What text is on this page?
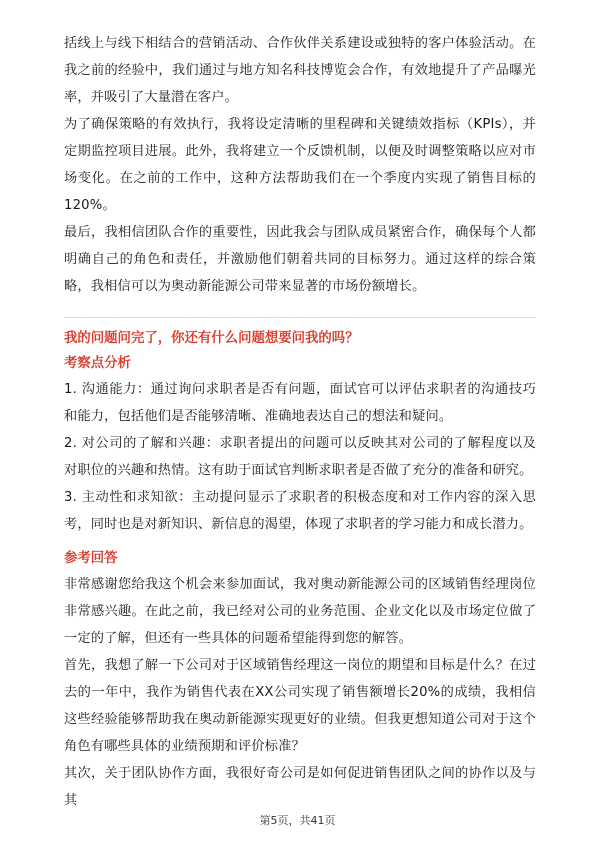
括线上与线下相结合的营销活动、合作伙伴关系建设或独特的客户体验活动。在我之前的经验中，我们通过与地方知名科技博览会合作，有效地提升了产品曝光率，并吸引了大量潜在客户。

为了确保策略的有效执行，我将设定清晰的里程碑和关键绩效指标（KPIs），并定期监控项目进展。此外，我将建立一个反馈机制，以便及时调整策略以应对市场变化。在之前的工作中，这种方法帮助我们在一个季度内实现了销售目标的120%。

最后，我相信团队合作的重要性，因此我会与团队成员紧密合作，确保每个人都明确自己的角色和责任，并激励他们朝着共同的目标努力。通过这样的综合策略，我相信可以为奥动新能源公司带来显著的市场份额增长。

我的问题问完了，你还有什么问题想要问我的吗？

考察点分析

1. 沟通能力：通过询问求职者是否有问题，面试官可以评估求职者的沟通技巧和能力，包括他们是否能够清晰、准确地表达自己的想法和疑问。

2. 对公司的了解和兴趣：求职者提出的问题可以反映其对公司的了解程度以及对职位的兴趣和热情。这有助于面试官判断求职者是否做了充分的准备和研究。

3. 主动性和求知欲：主动提问显示了求职者的积极态度和对工作内容的深入思考，同时也是对新知识、新信息的渴望，体现了求职者的学习能力和成长潜力。

参考回答

非常感谢您给我这个机会来参加面试，我对奥动新能源公司的区域销售经理岗位非常感兴趣。在此之前，我已经对公司的业务范围、企业文化以及市场定位做了一定的了解，但还有一些具体的问题希望能得到您的解答。

首先，我想了解一下公司对于区域销售经理这一岗位的期望和目标是什么？在过去的一年中，我作为销售代表在XX公司实现了销售额增长20%的成绩，我相信这些经验能够帮助我在奥动新能源实现更好的业绩。但我更想知道公司对于这个角色有哪些具体的业绩预期和评价标准？

其次，关于团队协作方面，我很好奇公司是如何促进销售团队之间的协作以及与其

第5页，共41页
